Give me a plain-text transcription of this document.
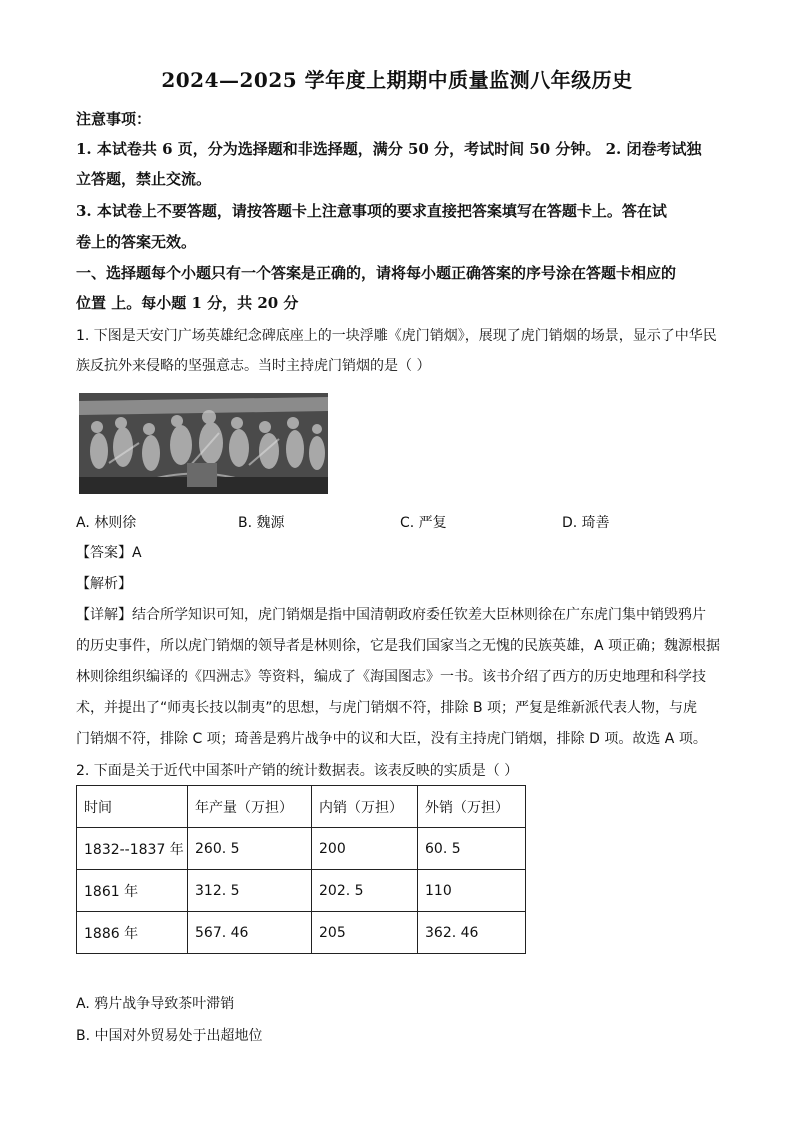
2024—2025 学年度上期期中质量监测八年级历史
注意事项：
1. 本试卷共 6 页，分为选择题和非选择题，满分 50 分，考试时间 50 分钟。 2. 闭卷考试独
立答题，禁止交流。
3. 本试卷上不要答题，请按答题卡上注意事项的要求直接把答案填写在答题卡上。答在试
卷上的答案无效。
一、选择题每个小题只有一个答案是正确的，请将每小题正确答案的序号涂在答题卡相应的
位置 上。每小题 1 分，共 20 分
1. 下图是天安门广场英雄纪念碑底座上的一块浮雕《虎门销烟》，展现了虎门销烟的场景，显示了中华民
族反抗外来侵略的坚强意志。当时主持虎门销烟的是（ ）
A. 林则徐	B. 魏源	C. 严复	D. 琦善
【答案】A
【解析】
【详解】结合所学知识可知，虎门销烟是指中国清朝政府委任钦差大臣林则徐在广东虎门集中销毁鸦片
的历史事件，所以虎门销烟的领导者是林则徐，它是我们国家当之无愧的民族英雄，A 项正确；魏源根据
林则徐组织编译的《四洲志》等资料，编成了《海国图志》一书。该书介绍了西方的历史地理和科学技
术，并提出了“师夷长技以制夷”的思想，与虎门销烟不符，排除 B 项；严复是维新派代表人物，与虎
门销烟不符，排除 C 项；琦善是鸦片战争中的议和大臣，没有主持虎门销烟，排除 D 项。故选 A 项。
2. 下面是关于近代中国茶叶产销的统计数据表。该表反映的实质是（ ）
时间	年产量（万担）	内销（万担）	外销（万担）
1832--1837 年	260. 5	200	60. 5
1861 年	312. 5	202. 5	110
1886 年	567. 46	205	362. 46
A. 鸦片战争导致茶叶滞销
B. 中国对外贸易处于出超地位
